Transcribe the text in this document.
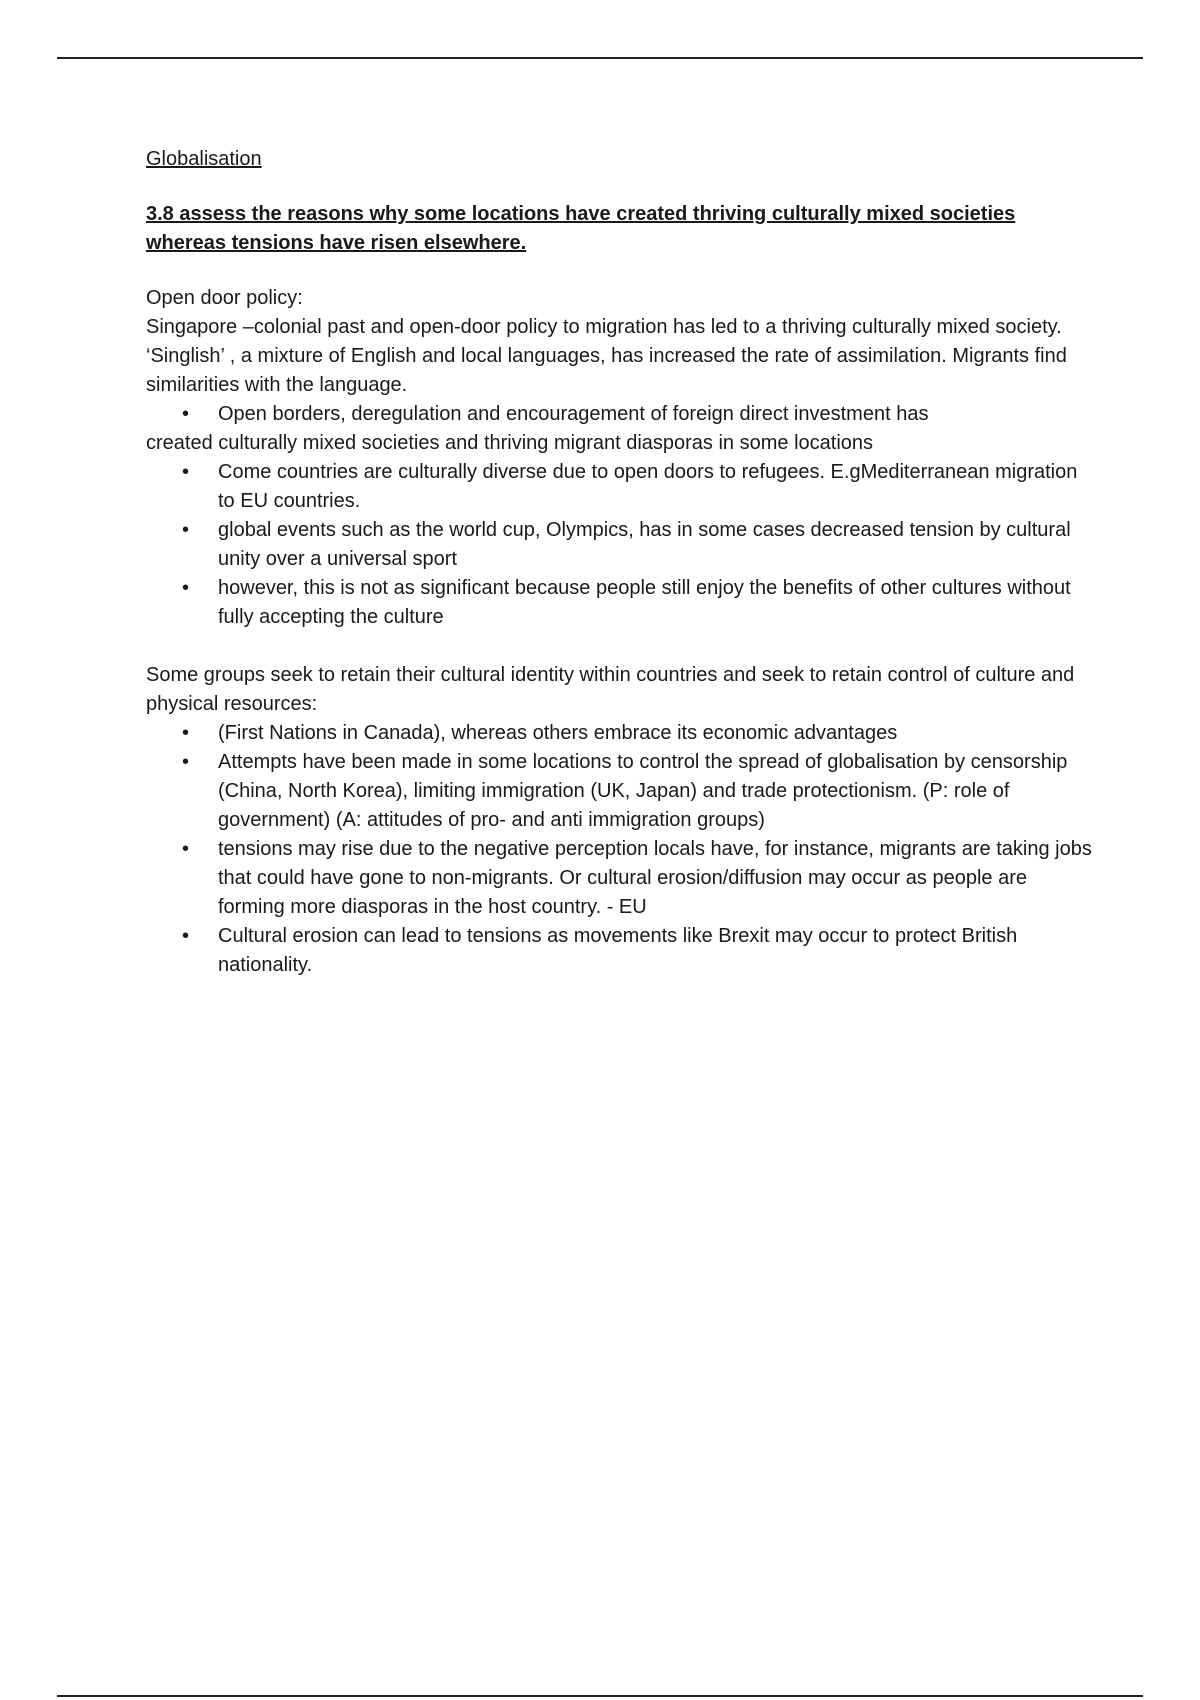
Globalisation
3.8 assess the reasons why some locations have created thriving culturally mixed societies whereas tensions have risen elsewhere.

Open door policy:

Singapore –colonial past and open-door policy to migration has led to a thriving culturally mixed society. ‘Singlish’ , a mixture of English and local languages, has increased the rate of assimilation. Migrants find similarities with the language.

• Open borders, deregulation and encouragement of foreign direct investment has
created culturally mixed societies and thriving migrant diasporas in some locations
• Come countries are culturally diverse due to open doors to refugees. E.gMediterranean migration to EU countries.
• global events such as the world cup, Olympics, has in some cases decreased tension by cultural unity over a universal sport
• however, this is not as significant because people still enjoy the benefits of other cultures without fully accepting the culture

Some groups seek to retain their cultural identity within countries and seek to retain control of culture and physical resources:

• (First Nations in Canada), whereas others embrace its economic advantages
• Attempts have been made in some locations to control the spread of globalisation by censorship (China, North Korea), limiting immigration (UK, Japan) and trade protectionism. (P: role of government) (A: attitudes of pro- and anti immigration groups)
• tensions may rise due to the negative perception locals have, for instance, migrants are taking jobs that could have gone to non-migrants. Or cultural erosion/diffusion may occur as people are forming more diasporas in the host country. - EU
• Cultural erosion can lead to tensions as movements like Brexit may occur to protect British nationality.
